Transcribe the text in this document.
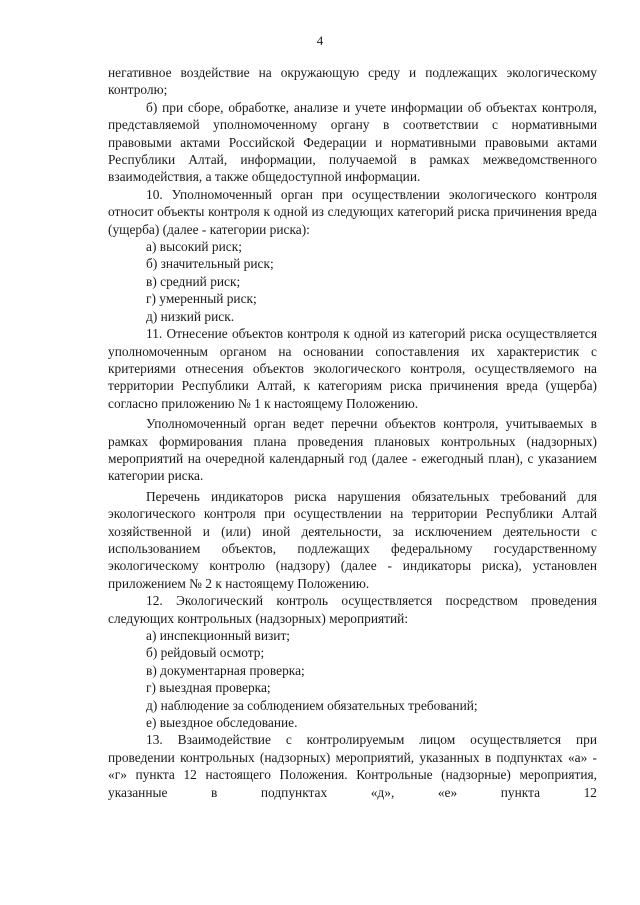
4

негативное воздействие на окружающую среду и подлежащих экологическому контролю;

б) при сборе, обработке, анализе и учете информации об объектах контроля, представляемой уполномоченному органу в соответствии с нормативными правовыми актами Российской Федерации и нормативными правовыми актами Республики Алтай, информации, получаемой в рамках межведомственного взаимодействия, а также общедоступной информации.

10. Уполномоченный орган при осуществлении экологического контроля относит объекты контроля к одной из следующих категорий риска причинения вреда (ущерба) (далее - категории риска):

а) высокий риск;

б) значительный риск;

в) средний риск;

г) умеренный риск;

д) низкий риск.

11. Отнесение объектов контроля к одной из категорий риска осуществляется уполномоченным органом на основании сопоставления их характеристик с критериями отнесения объектов экологического контроля, осуществляемого на территории Республики Алтай, к категориям риска причинения вреда (ущерба) согласно приложению № 1 к настоящему Положению.

Уполномоченный орган ведет перечни объектов контроля, учитываемых в рамках формирования плана проведения плановых контрольных (надзорных) мероприятий на очередной календарный год (далее - ежегодный план), с указанием категории риска.

Перечень индикаторов риска нарушения обязательных требований для экологического контроля при осуществлении на территории Республики Алтай хозяйственной и (или) иной деятельности, за исключением деятельности с использованием объектов, подлежащих федеральному государственному экологическому контролю (надзору) (далее - индикаторы риска), установлен приложением № 2 к настоящему Положению.

12. Экологический контроль осуществляется посредством проведения следующих контрольных (надзорных) мероприятий:

а) инспекционный визит;

б) рейдовый осмотр;

в) документарная проверка;

г) выездная проверка;

д) наблюдение за соблюдением обязательных требований;

е) выездное обследование.

13. Взаимодействие с контролируемым лицом осуществляется при проведении контрольных (надзорных) мероприятий, указанных в подпунктах «а» - «г» пункта 12 настоящего Положения. Контрольные (надзорные) мероприятия, указанные в подпунктах «д», «е» пункта 12
